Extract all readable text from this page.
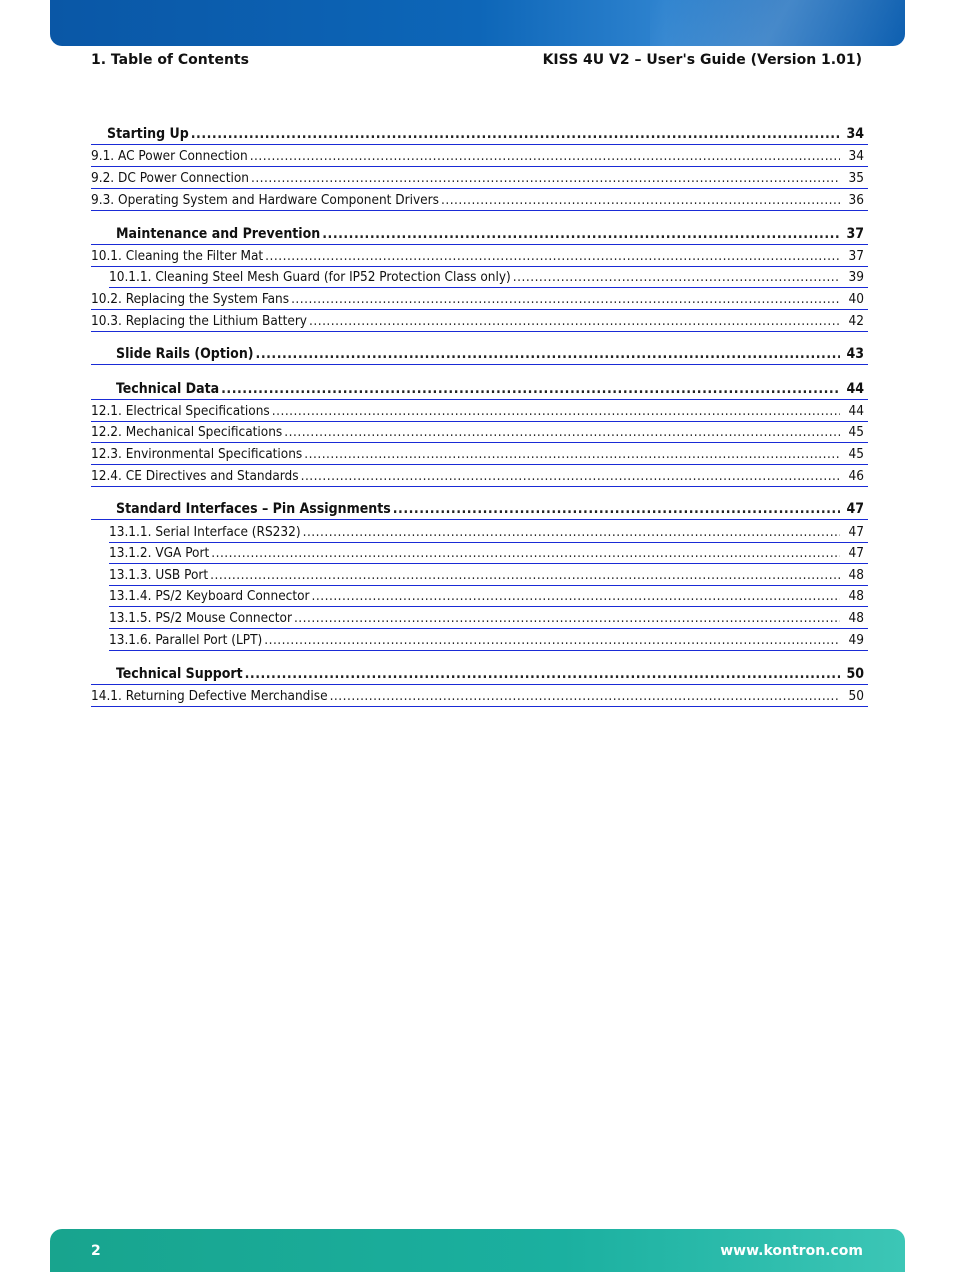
1. Table of Contents	KISS 4U V2 – User's Guide (Version 1.01)
Starting Up .....	34
9.1. AC Power Connection .....	34
9.2. DC Power Connection .....	35
9.3. Operating System and Hardware Component Drivers .....	36
Maintenance and Prevention .....	37
10.1. Cleaning the Filter Mat .....	37
10.1.1. Cleaning Steel Mesh Guard (for IP52 Protection Class only) .....	39
10.2. Replacing the System Fans .....	40
10.3. Replacing the Lithium Battery .....	42
Slide Rails (Option) .....	43
Technical Data .....	44
12.1. Electrical Specifications .....	44
12.2. Mechanical Specifications .....	45
12.3. Environmental Specifications .....	45
12.4. CE Directives and Standards .....	46
Standard Interfaces – Pin Assignments .....	47
13.1.1. Serial Interface (RS232) .....	47
13.1.2. VGA Port .....	47
13.1.3. USB Port .....	48
13.1.4. PS/2 Keyboard Connector .....	48
13.1.5. PS/2 Mouse Connector .....	48
13.1.6. Parallel Port (LPT) .....	49
Technical Support .....	50
14.1. Returning Defective Merchandise .....	50
2	www.kontron.com
